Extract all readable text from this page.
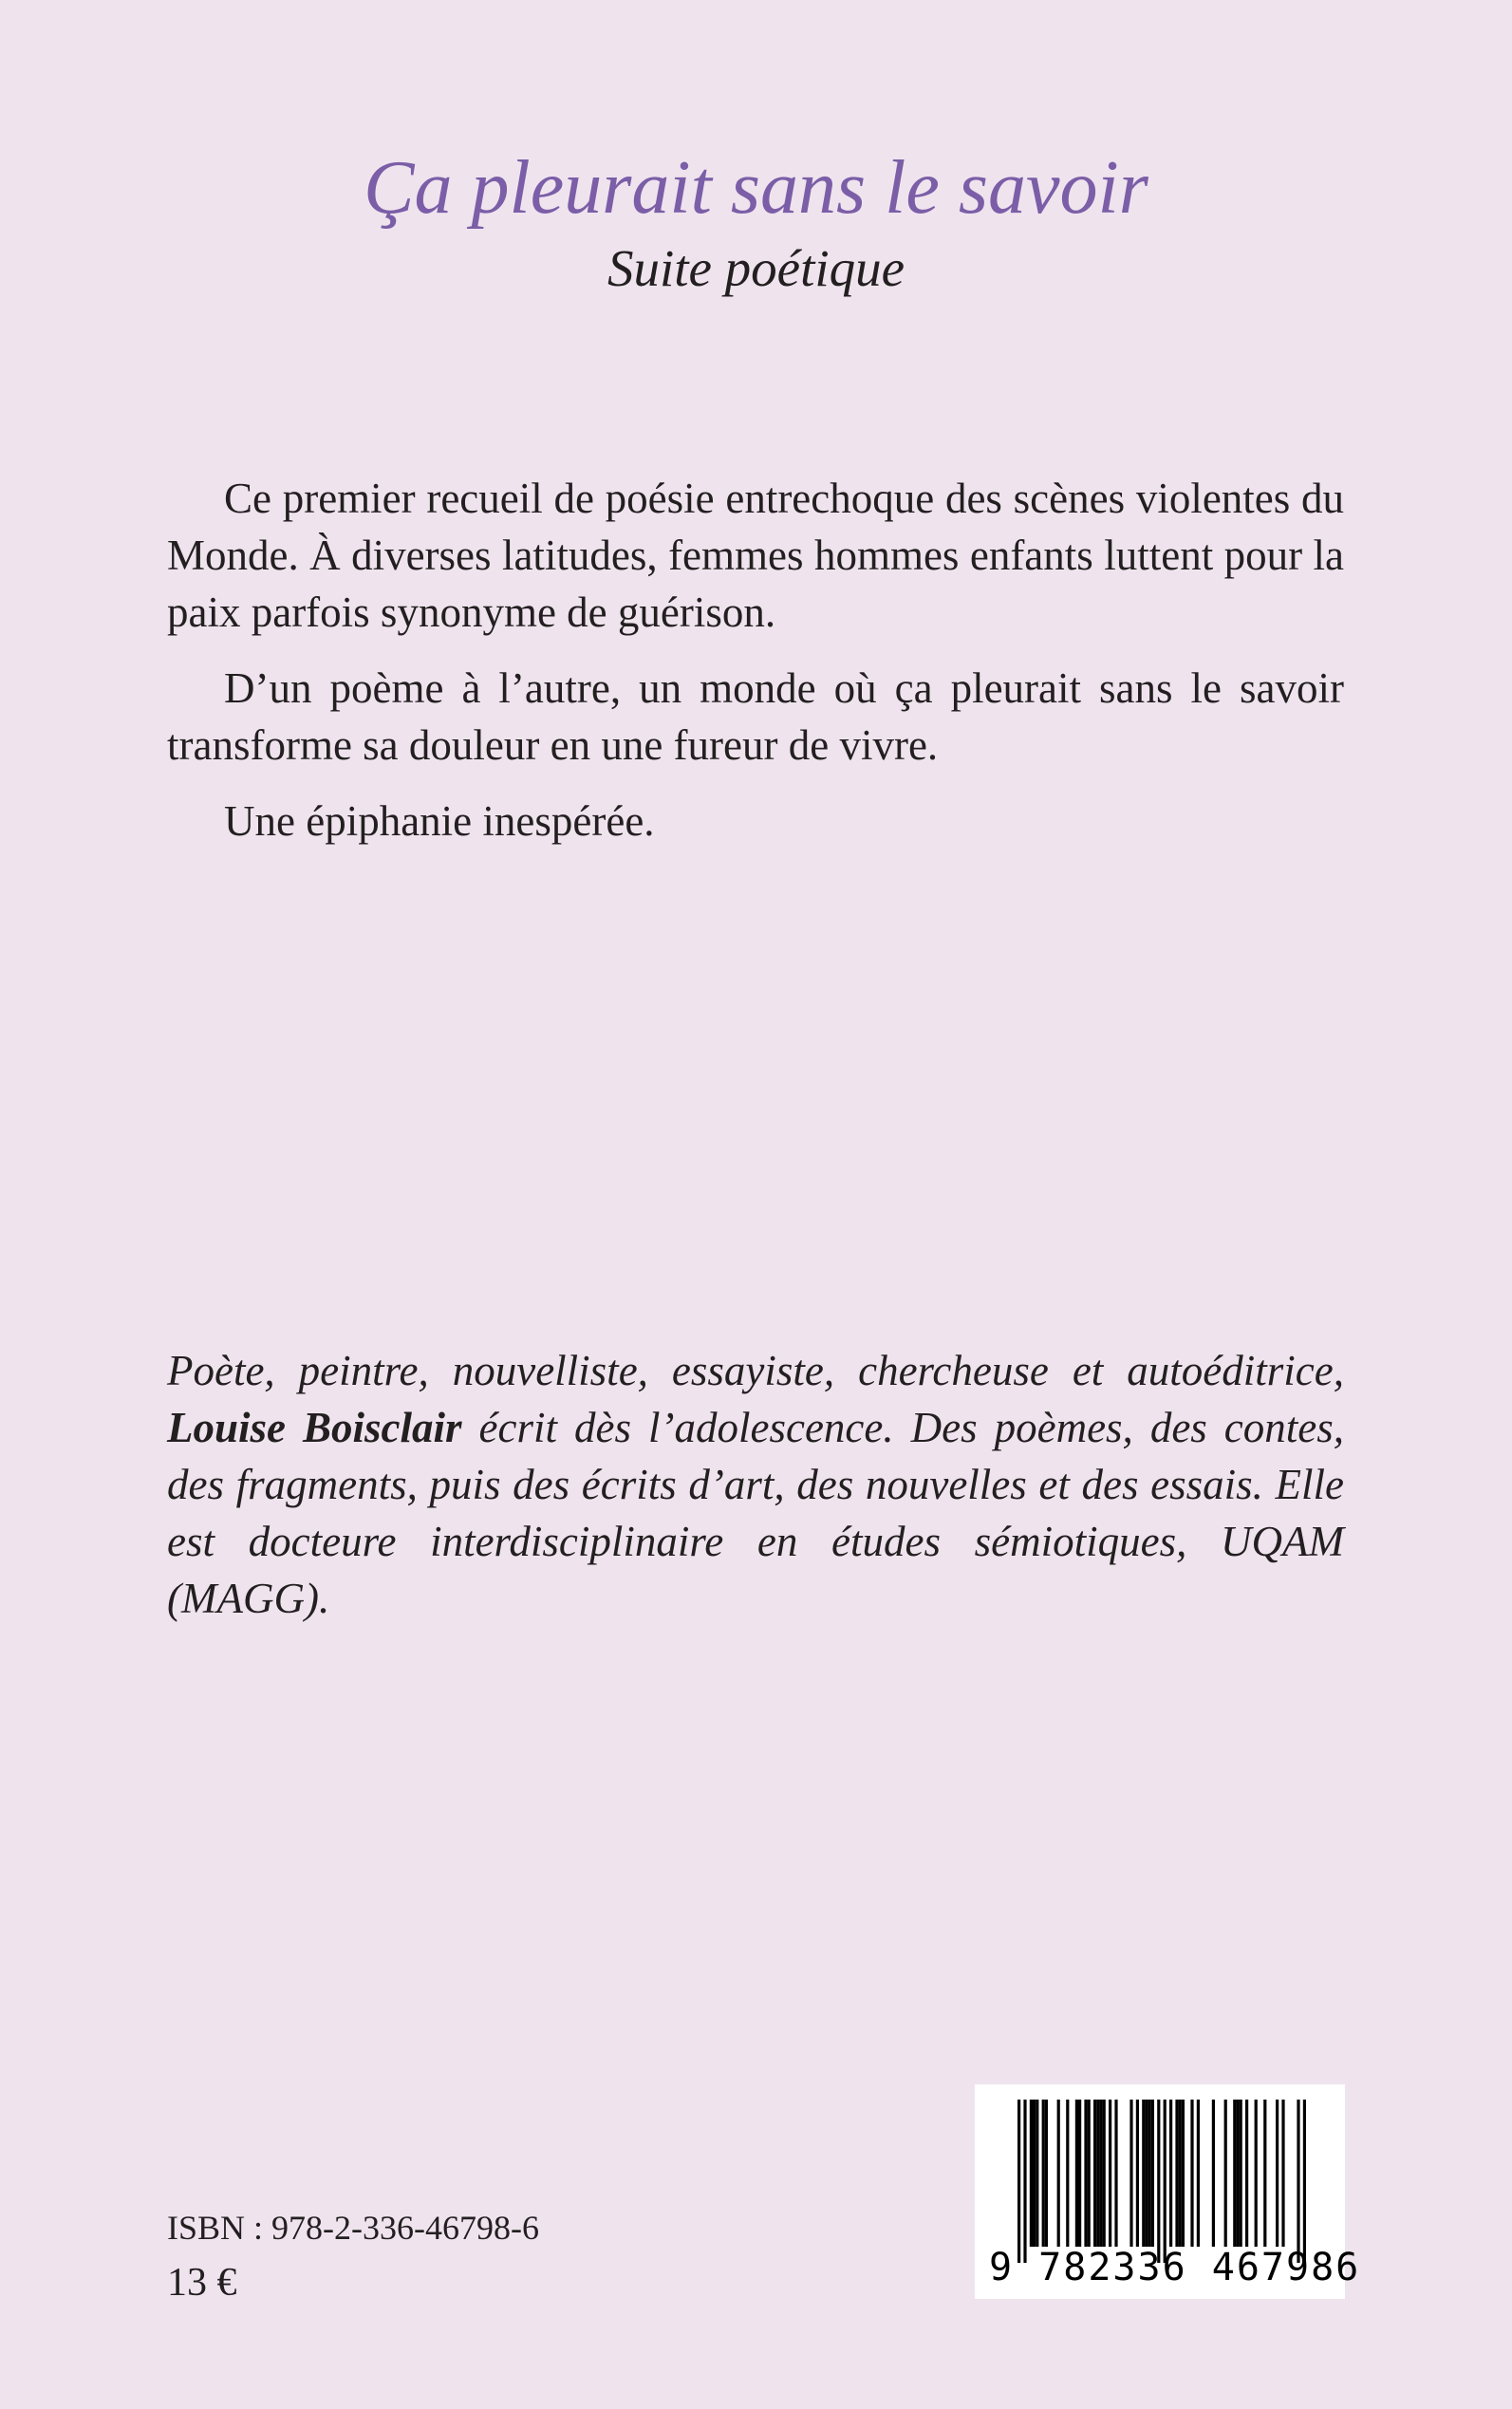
Ça pleurait sans le savoir
Suite poétique

Ce premier recueil de poésie entrechoque des scènes violentes du Monde. À diverses latitudes, femmes hommes enfants luttent pour la paix parfois synonyme de guérison.

D’un poème à l’autre, un monde où ça pleurait sans le savoir transforme sa douleur en une fureur de vivre.

Une épiphanie inespérée.

Poète, peintre, nouvelliste, essayiste, chercheuse et autoéditrice, Louise Boisclair écrit dès l’adolescence. Des poèmes, des contes, des fragments, puis des écrits d’art, des nouvelles et des essais. Elle est docteure interdisciplinaire en études sémiotiques, UQAM (MAGG).

ISBN : 978-2-336-46798-6
13 €	9 782336 467986
